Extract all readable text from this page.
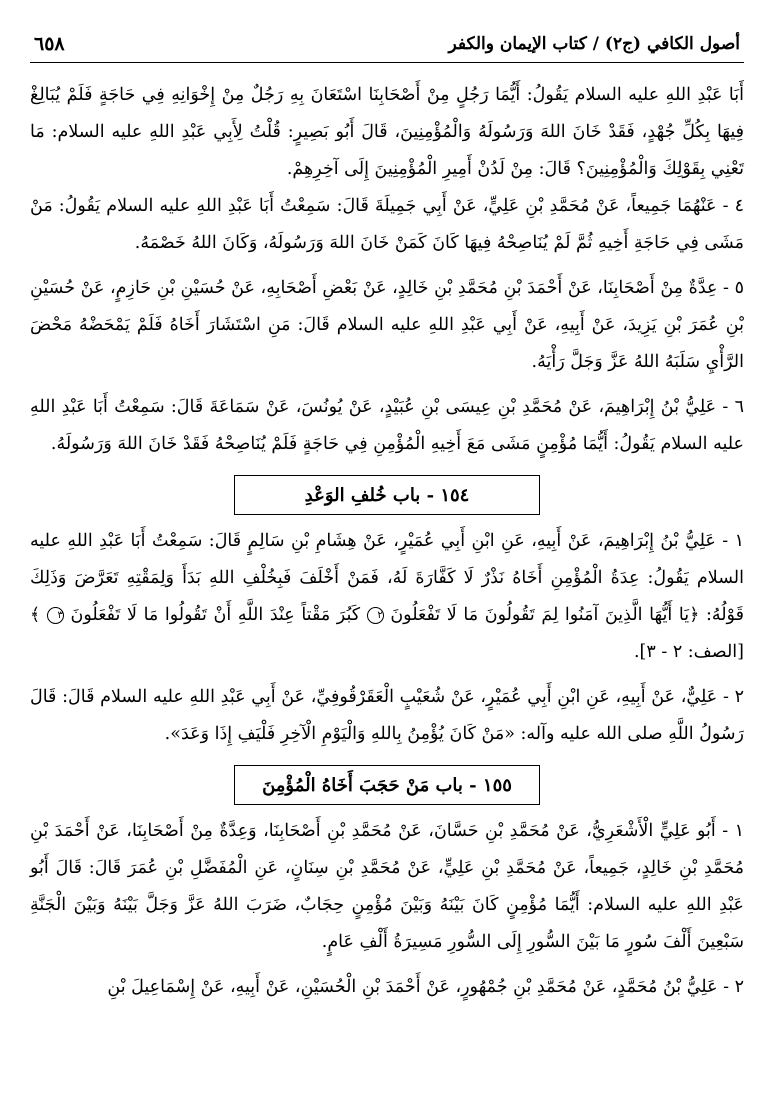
أصول الكافي (ج٢) / كتاب الإيمان والكفر
٦٥٨

أَبَا عَبْدِ اللهِ عليه السلام يَقُولُ: أَيُّمَا رَجُلٍ مِنْ أَصْحَابِنَا اسْتَعَانَ بِهِ رَجُلٌ مِنْ إِخْوَانِهِ فِي حَاجَةٍ فَلَمْ يُبَالِغْ فِيهَا بِكُلِّ جُهْدٍ، فَقَدْ خَانَ اللهَ وَرَسُولَهُ وَالْمُؤْمِنِينَ، قَالَ أَبُو بَصِيرٍ: قُلْتُ لِأَبِي عَبْدِ اللهِ عليه السلام: مَا تَعْنِي بِقَوْلِكَ وَالْمُؤْمِنِينَ؟ قَالَ: مِنْ لَدُنْ أَمِيرِ الْمُؤْمِنِينَ إِلَى آخِرِهِمْ.

٤ - عَنْهُمَا جَمِيعاً، عَنْ مُحَمَّدِ بْنِ عَلِيٍّ، عَنْ أَبِي جَمِيلَةَ قَالَ: سَمِعْتُ أَبَا عَبْدِ اللهِ عليه السلام يَقُولُ: مَنْ مَشَى فِي حَاجَةِ أَخِيهِ ثُمَّ لَمْ يُنَاصِحْهُ فِيهَا كَانَ كَمَنْ خَانَ اللهَ وَرَسُولَهُ، وَكَانَ اللهُ خَصْمَهُ.

٥ - عِدَّةٌ مِنْ أَصْحَابِنَا، عَنْ أَحْمَدَ بْنِ مُحَمَّدِ بْنِ خَالِدٍ، عَنْ بَعْضِ أَصْحَابِهِ، عَنْ حُسَيْنِ بْنِ حَازِمٍ، عَنْ حُسَيْنِ بْنِ عُمَرَ بْنِ يَزِيدَ، عَنْ أَبِيهِ، عَنْ أَبِي عَبْدِ اللهِ عليه السلام قَالَ: مَنِ اسْتَشَارَ أَخَاهُ فَلَمْ يَمْحَضْهُ مَحْضَ الرَّأْيِ سَلَبَهُ اللهُ عَزَّ وَجَلَّ رَأْيَهُ.

٦ - عَلِيُّ بْنُ إِبْرَاهِيمَ، عَنْ مُحَمَّدِ بْنِ عِيسَى بْنِ عُبَيْدٍ، عَنْ يُونُسَ، عَنْ سَمَاعَةَ قَالَ: سَمِعْتُ أَبَا عَبْدِ اللهِ عليه السلام يَقُولُ: أَيُّمَا مُؤْمِنٍ مَشَى مَعَ أَخِيهِ الْمُؤْمِنِ فِي حَاجَةٍ فَلَمْ يُنَاصِحْهُ فَقَدْ خَانَ اللهَ وَرَسُولَهُ.

١٥٤ - باب خُلفِ الوَعْدِ

١ - عَلِيُّ بْنُ إِبْرَاهِيمَ، عَنْ أَبِيهِ، عَنِ ابْنِ أَبِي عُمَيْرٍ، عَنْ هِشَامِ بْنِ سَالِمٍ قَالَ: سَمِعْتُ أَبَا عَبْدِ اللهِ عليه السلام يَقُولُ: عِدَةُ الْمُؤْمِنِ أَخَاهُ نَذْرٌ لَا كَفَّارَةَ لَهُ، فَمَنْ أَخْلَفَ فَبِخُلْفِ اللهِ بَدَأَ وَلِمَقْتِهِ تَعَرَّضَ وَذَلِكَ قَوْلُهُ: ﴿يَا أَيُّهَا الَّذِينَ آمَنُوا لِمَ تَقُولُونَ مَا لَا تَفْعَلُونَ ٢ كَبُرَ مَقْتاً عِنْدَ اللَّهِ أَنْ تَقُولُوا مَا لَا تَفْعَلُونَ ٣ ﴾ [الصف: ٢ - ٣].

٢ - عَلِيٌّ، عَنْ أَبِيهِ، عَنِ ابْنِ أَبِي عُمَيْرٍ، عَنْ شُعَيْبٍ الْعَقَرْقُوفِيِّ، عَنْ أَبِي عَبْدِ اللهِ عليه السلام قَالَ: قَالَ رَسُولُ اللَّهِ صلى الله عليه وآله: «مَنْ كَانَ يُؤْمِنُ بِاللهِ وَالْيَوْمِ الْآخِرِ فَلْيَفِ إِذَا وَعَدَ».

١٥٥ - باب مَنْ حَجَبَ أَخَاهُ الْمُؤْمِنَ

١ - أَبُو عَلِيٍّ الْأَشْعَرِيُّ، عَنْ مُحَمَّدِ بْنِ حَسَّانَ، عَنْ مُحَمَّدِ بْنِ أَصْحَابِنَا، وَعِدَّةٌ مِنْ أَصْحَابِنَا، عَنْ أَحْمَدَ بْنِ مُحَمَّدِ بْنِ خَالِدٍ، جَمِيعاً، عَنْ مُحَمَّدِ بْنِ عَلِيٍّ، عَنْ مُحَمَّدِ بْنِ سِنَانٍ، عَنِ الْمُفَضَّلِ بْنِ عُمَرَ قَالَ: قَالَ أَبُو عَبْدِ اللهِ عليه السلام: أَيُّمَا مُؤْمِنٍ كَانَ بَيْنَهُ وَبَيْنَ مُؤْمِنٍ حِجَابٌ، ضَرَبَ اللهُ عَزَّ وَجَلَّ بَيْنَهُ وَبَيْنَ الْجَنَّةِ سَبْعِينَ أَلْفَ سُورٍ مَا بَيْنَ السُّورِ إِلَى السُّورِ مَسِيرَةُ أَلْفِ عَامٍ.

٢ - عَلِيُّ بْنُ مُحَمَّدٍ، عَنْ مُحَمَّدِ بْنِ جُمْهُورٍ، عَنْ أَحْمَدَ بْنِ الْحُسَيْنِ، عَنْ أَبِيهِ، عَنْ إِسْمَاعِيلَ بْنِ
